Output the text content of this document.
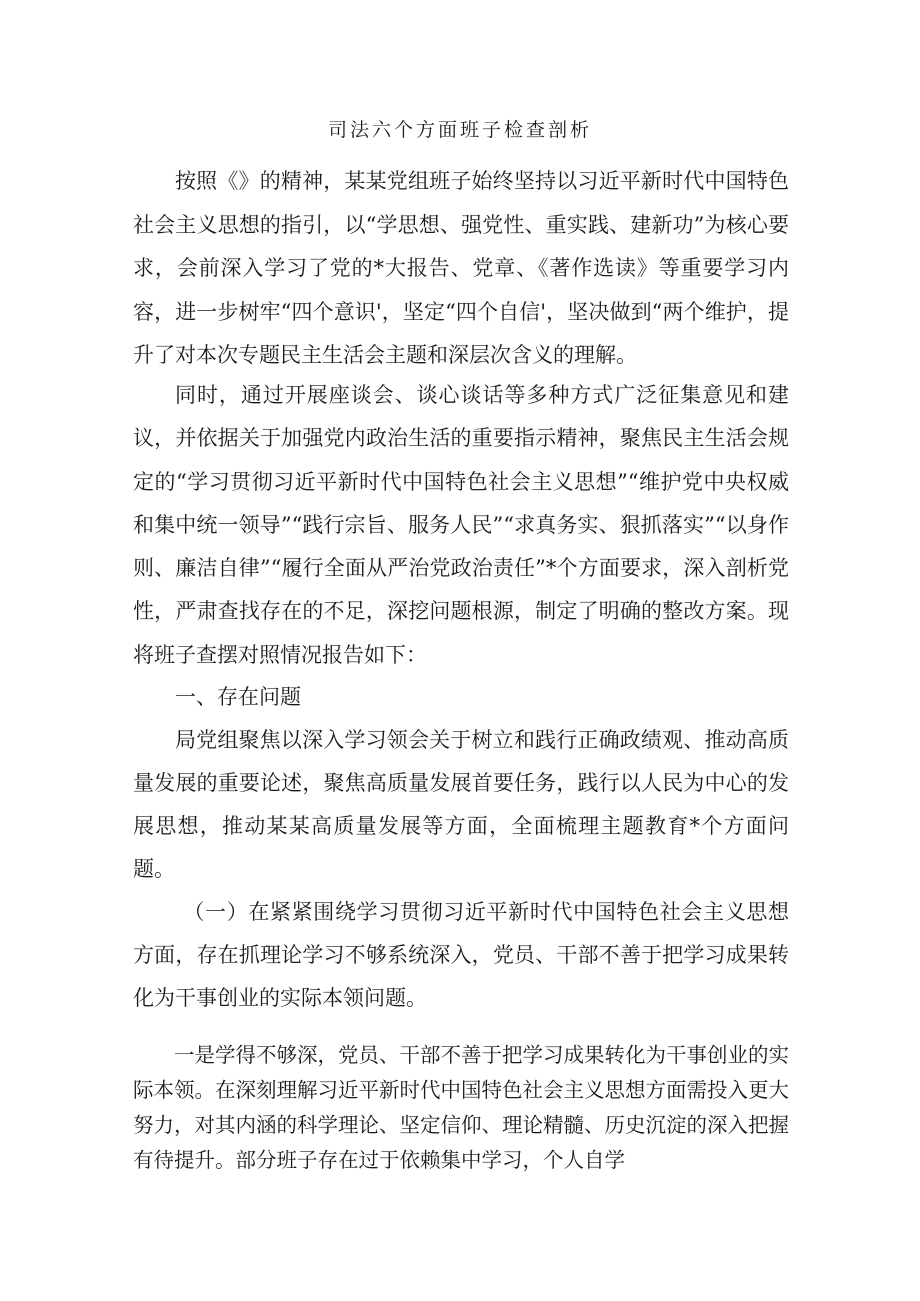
司法六个方面班子检查剖析

按照《》的精神，某某党组班子始终坚持以习近平新时代中国特色社会主义思想的指引，以“学思想、强党性、重实践、建新功”为核心要求，会前深入学习了党的*大报告、党章、《著作选读》等重要学习内容，进一步树牢“四个意识'，坚定“四个自信'，坚决做到“两个维护，提升了对本次专题民主生活会主题和深层次含义的理解。

同时，通过开展座谈会、谈心谈话等多种方式广泛征集意见和建议，并依据关于加强党内政治生活的重要指示精神，聚焦民主生活会规定的“学习贯彻习近平新时代中国特色社会主义思想”“维护党中央权威和集中统一领导”“践行宗旨、服务人民”“求真务实、狠抓落实”“以身作则、廉洁自律”“履行全面从严治党政治责任”*个方面要求，深入剖析党性，严肃查找存在的不足，深挖问题根源，制定了明确的整改方案。现将班子查摆对照情况报告如下：

一、存在问题

局党组聚焦以深入学习领会关于树立和践行正确政绩观、推动高质量发展的重要论述，聚焦高质量发展首要任务，践行以人民为中心的发展思想，推动某某高质量发展等方面，全面梳理主题教育*个方面问题。

（一）在紧紧围绕学习贯彻习近平新时代中国特色社会主义思想方面，存在抓理论学习不够系统深入，党员、干部不善于把学习成果转化为干事创业的实际本领问题。

一是学得不够深，党员、干部不善于把学习成果转化为干事创业的实际本领。在深刻理解习近平新时代中国特色社会主义思想方面需投入更大努力，对其内涵的科学理论、坚定信仰、理论精髓、历史沉淀的深入把握有待提升。部分班子存在过于依赖集中学习，个人自学
